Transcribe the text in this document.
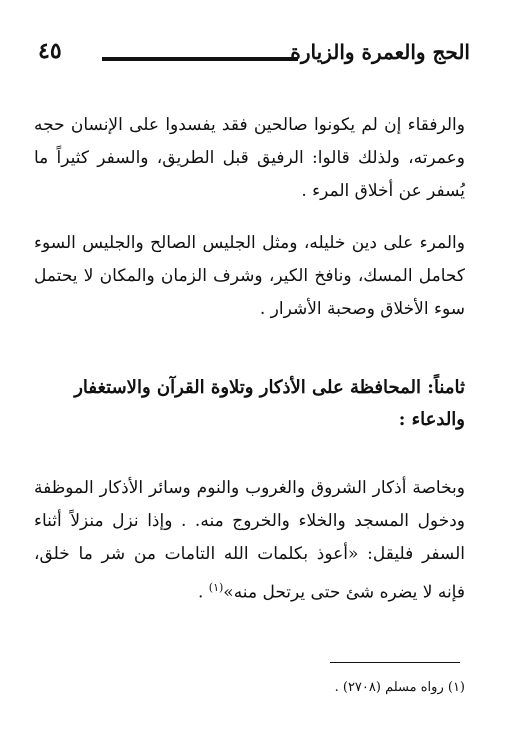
٤٥	الحج والعمرة والزيارة

والرفقاء إن لم يكونوا صالحين فقد يفسدوا على الإنسان حجه وعمرته، ولذلك قالوا: الرفيق قبل الطريق، والسفر كثيراً ما يُسفر عن أخلاق المرء .

والمرء على دين خليله، ومثل الجليس الصالح والجليس السوء كحامل المسك، ونافخ الكير، وشرف الزمان والمكان لا يحتمل سوء الأخلاق وصحبة الأشرار .

ثامناً: المحافظة على الأذكار وتلاوة القرآن والاستغفار والدعاء :

وبخاصة أذكار الشروق والغروب والنوم وسائر الأذكار الموظفة ودخول المسجد والخلاء والخروج منه. . وإذا نزل منزلاً أثناء السفر فليقل: «أعوذ بكلمات الله التامات من شر ما خلق، فإنه لا يضره شئ حتى يرتحل منه»$^{(١)}$ .

(١) رواه مسلم (٢٧٠٨) .
